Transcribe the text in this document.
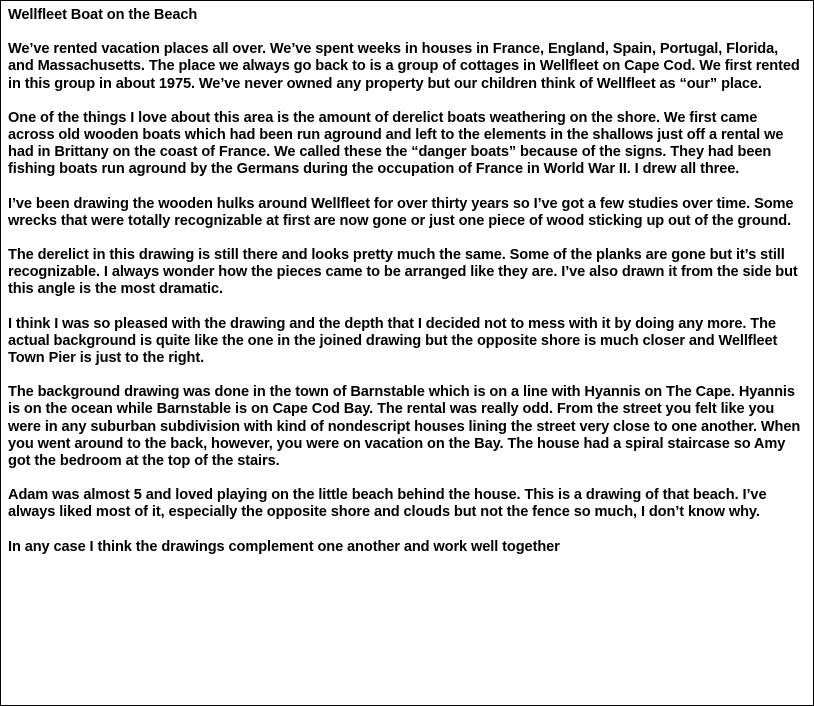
Wellfleet Boat on the Beach
We’ve rented vacation places all over. We’ve spent weeks in houses in France, England, Spain, Portugal, Florida, and Massachusetts. The place we always go back to is a group of cottages in Wellfleet on Cape Cod. We first rented in this group in about 1975. We’ve never owned any property but our children think of Wellfleet as “our” place.
One of the things I love about this area is the amount of derelict boats weathering on the shore. We first came across old wooden boats which had been run aground and left to the elements in the shallows just off a rental we had in Brittany on the coast of France. We called these the “danger boats” because of the signs. They had been fishing boats run aground by the Germans during the occupation of France in World War II. I drew all three.
I’ve been drawing the wooden hulks around Wellfleet for over thirty years so I’ve got a few studies over time. Some wrecks that were totally recognizable at first are now gone or just one piece of wood sticking up out of the ground.
The derelict in this drawing is still there and looks pretty much the same. Some of the planks are gone but it’s still recognizable. I always wonder how the pieces came to be arranged like they are. I’ve also drawn it from the side but this angle is the most dramatic.
I think I was so pleased with the drawing and the depth that I decided not to mess with it by doing any more. The actual background is quite like the one in the joined drawing but the opposite shore is much closer and Wellfleet Town Pier is just to the right.
The background drawing was done in the town of Barnstable which is on a line with Hyannis on The Cape. Hyannis is on the ocean while Barnstable is on Cape Cod Bay. The rental was really odd. From the street you felt like you were in any suburban subdivision with kind of nondescript houses lining the street very close to one another. When you went around to the back, however, you were on vacation on the Bay. The house had a spiral staircase so Amy got the bedroom at the top of the stairs.
Adam was almost 5 and loved playing on the little beach behind the house. This is a drawing of that beach. I’ve always liked most of it, especially the opposite shore and clouds but not the fence so much, I don’t know why.
In any case I think the drawings complement one another and work well together
